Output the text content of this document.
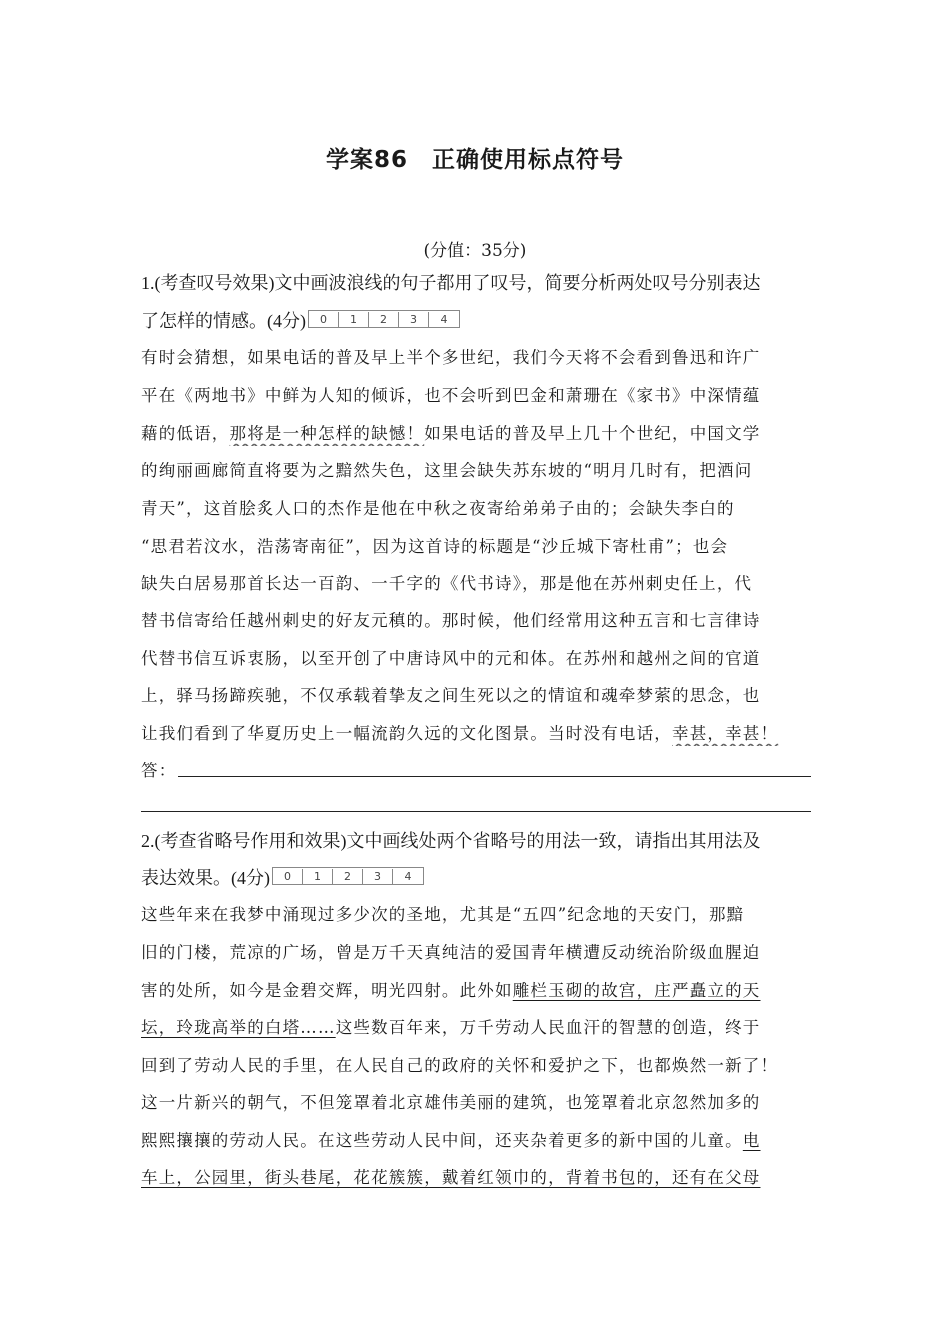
学案86　正确使用标点符号
(分值：35分)
1.(考查叹号效果)文中画波浪线的句子都用了叹号，简要分析两处叹号分别表达
了怎样的情感。(4分) 0 1 2 3 4
有时会猜想，如果电话的普及早上半个多世纪，我们今天将不会看到鲁迅和许广
平在《两地书》中鲜为人知的倾诉，也不会听到巴金和萧珊在《家书》中深情蕴
藉的低语，那将是一种怎样的缺憾！如果电话的普及早上几十个世纪，中国文学
的绚丽画廊简直将要为之黯然失色，这里会缺失苏东坡的“明月几时有，把酒问
青天”，这首脍炙人口的杰作是他在中秋之夜寄给弟弟子由的；会缺失李白的
“思君若汶水，浩荡寄南征”，因为这首诗的标题是“沙丘城下寄杜甫”；也会
缺失白居易那首长达一百韵、一千字的《代书诗》，那是他在苏州刺史任上，代
替书信寄给任越州刺史的好友元稹的。那时候，他们经常用这种五言和七言律诗
代替书信互诉衷肠，以至开创了中唐诗风中的元和体。在苏州和越州之间的官道
上，驿马扬蹄疾驰，不仅承载着挚友之间生死以之的情谊和魂牵梦萦的思念，也
让我们看到了华夏历史上一幅流韵久远的文化图景。当时没有电话，幸甚，幸甚！
答：
2.(考查省略号作用和效果)文中画线处两个省略号的用法一致，请指出其用法及
表达效果。(4分) 0 1 2 3 4
这些年来在我梦中涌现过多少次的圣地，尤其是“五四”纪念地的天安门，那黯
旧的门楼，荒凉的广场，曾是万千天真纯洁的爱国青年横遭反动统治阶级血腥迫
害的处所，如今是金碧交辉，明光四射。此外如雕栏玉砌的故宫，庄严矗立的天
坛，玲珑高举的白塔……这些数百年来，万千劳动人民血汗的智慧的创造，终于
回到了劳动人民的手里，在人民自己的政府的关怀和爱护之下，也都焕然一新了！
这一片新兴的朝气，不但笼罩着北京雄伟美丽的建筑，也笼罩着北京忽然加多的
熙熙攘攘的劳动人民。在这些劳动人民中间，还夹杂着更多的新中国的儿童。电
车上，公园里，街头巷尾，花花簇簇，戴着红领巾的，背着书包的，还有在父母
